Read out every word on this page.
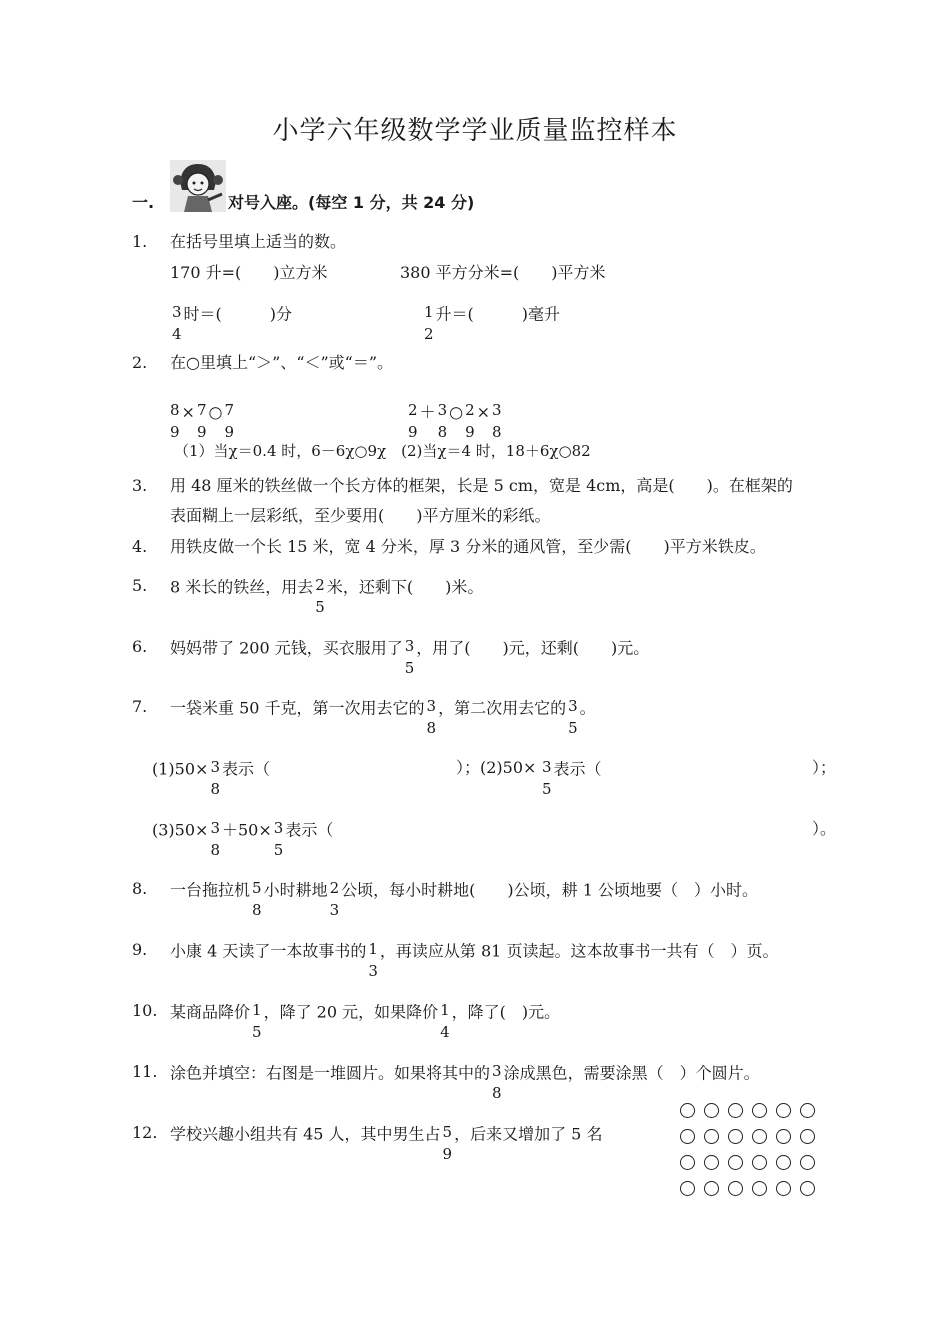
小学六年级数学学业质量监控样本
一.	对号入座。(每空 1 分，共 24 分)
1. 在括号里填上适当的数。
170 升=(　　)立方米	380 平方分米=(　　)平方米
3
4
时＝(　　　)分	1
2
升＝(　　　)毫升
2. 在○里填上“＞”、“＜”或“＝”。
8
9
× 7
9
○ 7
9
2
9
＋ 3
8
○ 2
9
× 3
8
（1）当χ＝0.4 时，6－6χ○9χ　(2)当χ＝4 时，18＋6χ○82
3. 用 48 厘米的铁丝做一个长方体的框架，长是 5 cm，宽是 4cm，高是(　　)。在框架的
表面糊上一层彩纸，至少要用(　　)平方厘米的彩纸。
4. 用铁皮做一个长 15 米，宽 4 分米，厚 3 分米的通风管，至少需(　　)平方米铁皮。
5. 8 米长的铁丝，用去 2
5
米，还剩下(　　)米。
6. 妈妈带了 200 元钱，买衣服用了 3
5
，用了(　　)元，还剩(　　)元。
7. 一袋米重 50 千克，第一次用去它的 3
8
，第二次用去它的 3
5
。
(1)50× 3
8
表示（	）；(2)50× 3
5
表示（	）；
(3)50× 3
8
＋50× 3
5
表示（	）。
8. 一台拖拉机 5
8
小时耕地 2
3
公顷，每小时耕地(　　)公顷，耕 1 公顷地要（　）小时。
9. 小康 4 天读了一本故事书的 1
3
，再读应从第 81 页读起。这本故事书一共有（　）页。
10. 某商品降价 1
5
，降了 20 元，如果降价 1
4
，降了(　)元。
11. 涂色并填空：右图是一堆圆片。如果将其中的 3
8
涂成黑色，需要涂黑（　）个圆片。
12. 学校兴趣小组共有 45 人，其中男生占 5
9
，后来又增加了 5 名
